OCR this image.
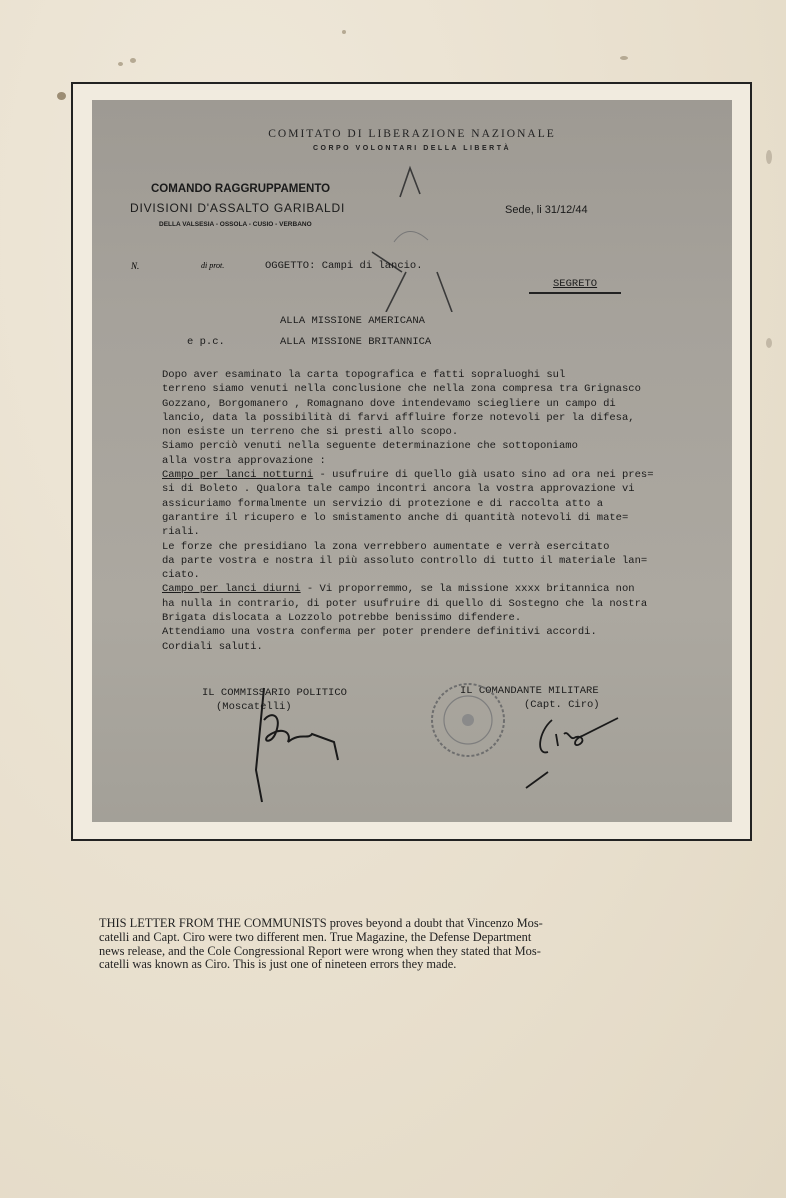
COMITATO DI LIBERAZIONE NAZIONALE
CORPO VOLONTARI DELLA LIBERTÀ
COMANDO RAGGRUPPAMENTO
DIVISIONI D'ASSALTO GARIBALDI
DELLA VALSESIA - OSSOLA - CUSIO - VERBANO
Sede, li 31/12/44
N.	di prot.	OGGETTO: Campi di lancio.
SEGRETO
ALLA MISSIONE AMERICANA
e p.c.	ALLA MISSIONE BRITANNICA
Dopo aver esaminato la carta topografica e fatti sopraluoghi sul
terreno siamo venuti nella conclusione che nella zona compresa tra Grignasco
Gozzano, Borgomanero , Romagnano dove intendevamo sciegliere un campo di
lancio, data la possibilità di farvi affluire forze notevoli per la difesa,
non esiste un terreno che si presti allo scopo.
Siamo perciò venuti nella seguente determinazione che sottoponiamo
alla vostra approvazione :
Campo per lanci notturni - usufruire di quello già usato sino ad ora nei pres=
si di Boleto . Qualora tale campo incontri ancora la vostra approvazione vi
assicuriamo formalmente un servizio di protezione e di raccolta atto a
garantire il ricupero e lo smistamento anche di quantità notevoli di mate=
riali.
Le forze che presidiano la zona verrebbero aumentate e verrà esercitato
da parte vostra e nostra il più assoluto controllo di tutto il materiale lan=
ciato.
Campo per lanci diurni - Vi proporremmo, se la missione xxxx britannica non
ha nulla in contrario, di poter usufruire di quello di Sostegno che la nostra
Brigata dislocata a Lozzolo potrebbe benissimo difendere.
Attendiamo una vostra conferma per poter prendere definitivi accordi.
Cordiali saluti.
IL COMMISSARIO POLITICO
(Moscatelli)
IL COMANDANTE MILITARE
(Capt. Ciro)
THIS LETTER FROM THE COMMUNISTS proves beyond a doubt that Vincenzo Mos-
catelli and Capt. Ciro were two different men. True Magazine, the Defense Department
news release, and the Cole Congressional Report were wrong when they stated that Mos-
catelli was known as Ciro. This is just one of nineteen errors they made.
